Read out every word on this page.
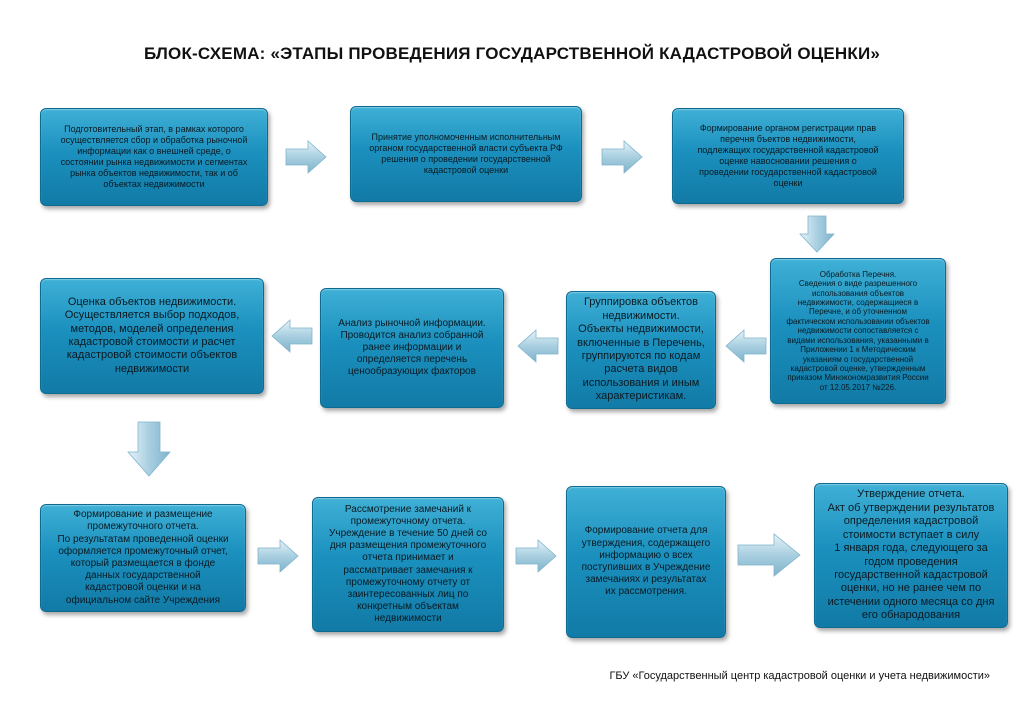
БЛОК-СХЕМА: «ЭТАПЫ ПРОВЕДЕНИЯ ГОСУДАРСТВЕННОЙ КАДАСТРОВОЙ ОЦЕНКИ»
Подготовительный этап, в рамках которого
осуществляется сбор и обработка рыночной
информации как о внешней среде, о
состоянии рынка недвижимости и сегментах
рынка объектов недвижимости, так и об
объектах недвижимости
Принятие уполномоченным исполнительным
органом государственной власти субъекта РФ
решения о проведении государственной
кадастровой оценки
Формирование органом регистрации прав
перечня бъектов недвижимости,
подлежащих государственной кадастровой
оценке навосновании решения о
проведении государственной кадастровой
оценки
Обработка Перечня.
Сведения о виде разрешенного
использования объектов
недвижимости, содержащиеся в
Перечне, и об уточненном
фактическом использовании объектов
недвижимости сопоставляется с
видами использования, указанными в
Приложении 1 к Методическим
указаниям о государственной
кадастровой оценке, утвержденным
приказом Минэкономразвития России
от 12.05.2017 №226.
Группировка объектов
недвижимости.
Объекты недвижимости,
включенные в Перечень,
группируются по кодам
расчета видов
использования и иным
характеристикам.
Анализ рыночной информации.
Проводится анализ собранной
ранее информации и
определяется перечень
ценообразующих факторов
Оценка объектов недвижимости.
Осуществляется выбор подходов,
методов, моделей определения
кадастровой стоимости и расчет
кадастровой стоимости объектов
недвижимости
Формирование и размещение
промежуточного отчета.
По результатам проведенной оценки
оформляется промежуточный отчет,
который размещается в фонде
данных государственной
кадастровой оценки и на
официальном сайте Учреждения
Рассмотрение замечаний к
промежуточному отчета.
Учреждение в течение 50 дней со
дня размещения промежуточного
отчета принимает и
рассматривает замечания к
промежуточному отчету от
заинтересованных лиц по
конкретным объектам
недвижимости
Формирование отчета для
утверждения, содержащего
информацию о всех
поступивших в Учреждение
замечаниях и результатах
их рассмотрения.
Утверждение отчета.
Акт об утверждении результатов
определения кадастровой
стоимости вступает в силу
1 января года, следующего за
годом проведения
государственной кадастровой
оценки, но не ранее чем по
истечении одного месяца со дня
его обнародования
ГБУ «Государственный центр кадастровой оценки и учета недвижимости»
